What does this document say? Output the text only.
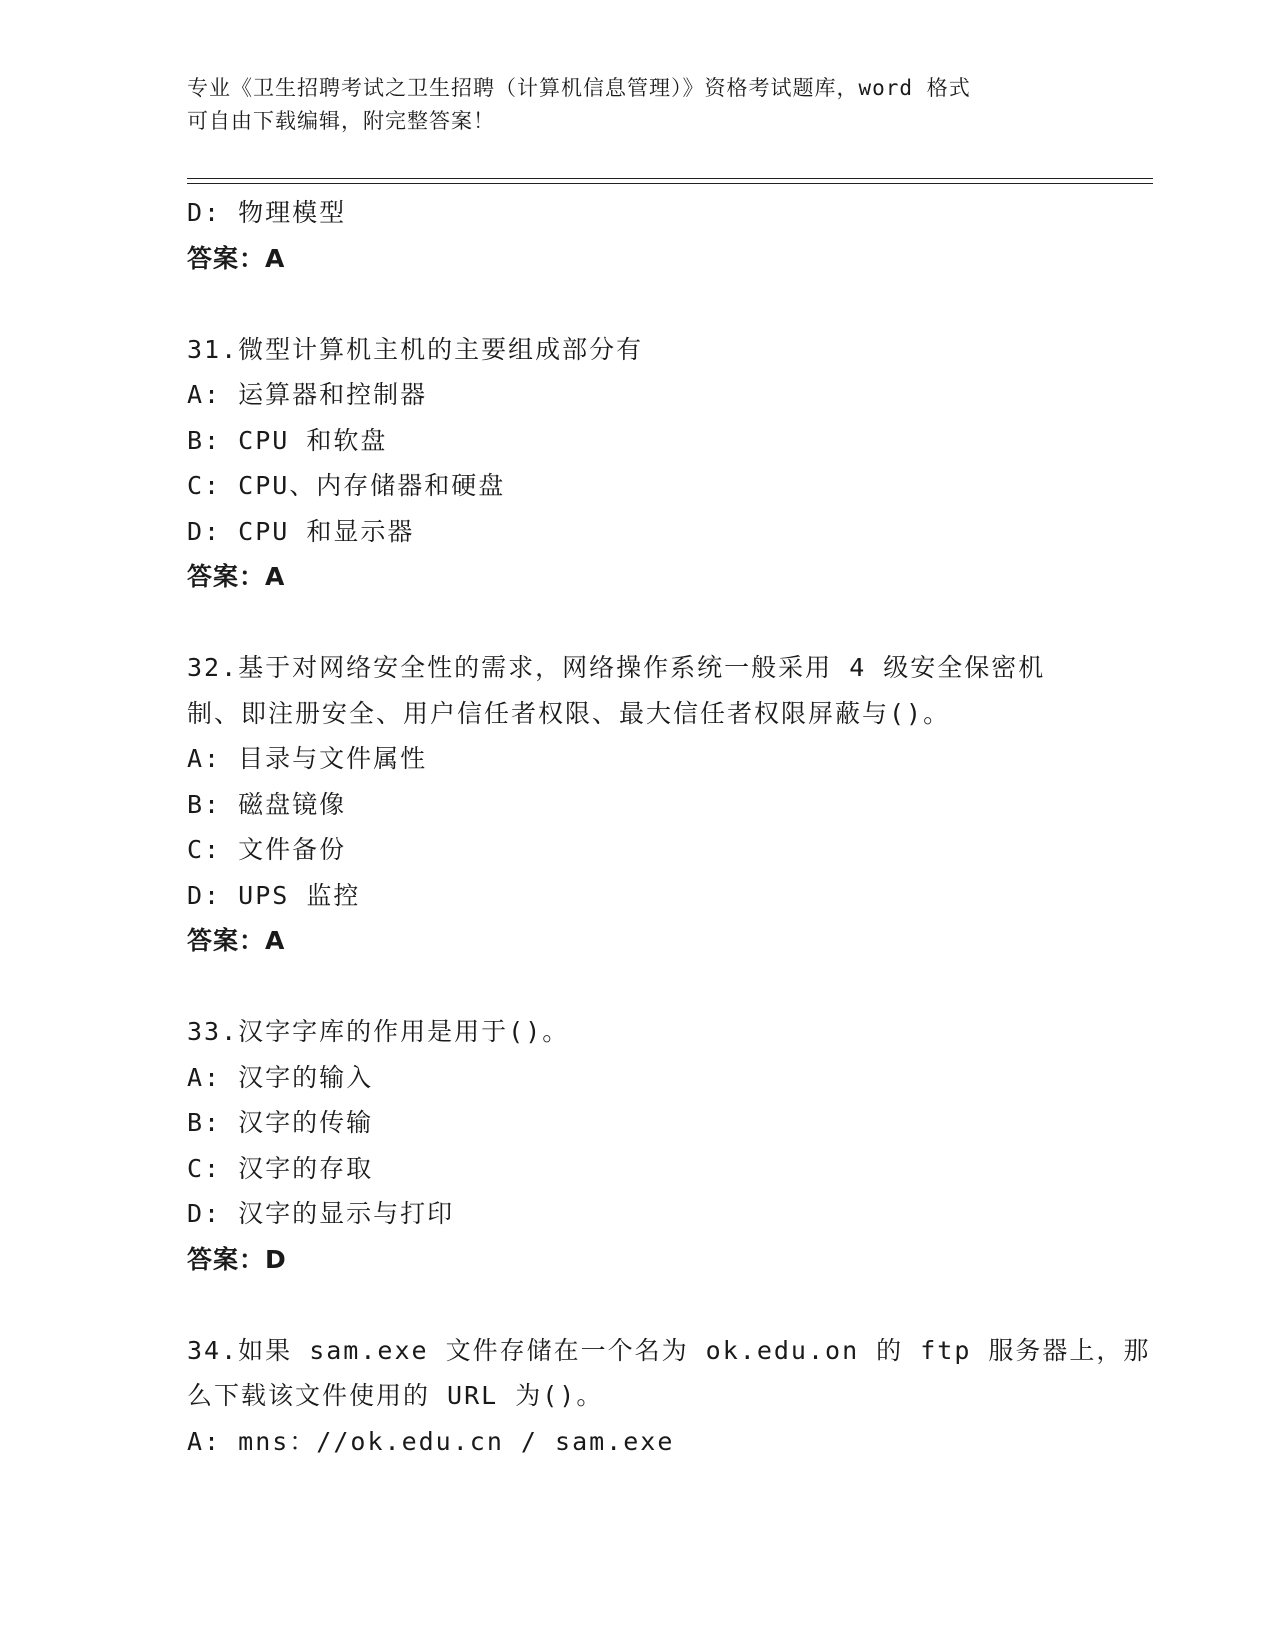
专业《卫生招聘考试之卫生招聘（计算机信息管理）》资格考试题库，word 格式
可自由下载编辑，附完整答案！
D: 物理模型
答案：A
31.微型计算机主机的主要组成部分有
A: 运算器和控制器
B: CPU 和软盘
C: CPU、内存储器和硬盘
D: CPU 和显示器
答案：A
32.基于对网络安全性的需求，网络操作系统一般采用 4 级安全保密机
制、即注册安全、用户信任者权限、最大信任者权限屏蔽与()。
A: 目录与文件属性
B: 磁盘镜像
C: 文件备份
D: UPS 监控
答案：A
33.汉字字库的作用是用于()。
A: 汉字的输入
B: 汉字的传输
C: 汉字的存取
D: 汉字的显示与打印
答案：D
34.如果 sam.exe 文件存储在一个名为 ok.edu.on 的 ftp 服务器上，那
么下载该文件使用的 URL 为()。
A: mns：//ok.edu.cn / sam.exe
